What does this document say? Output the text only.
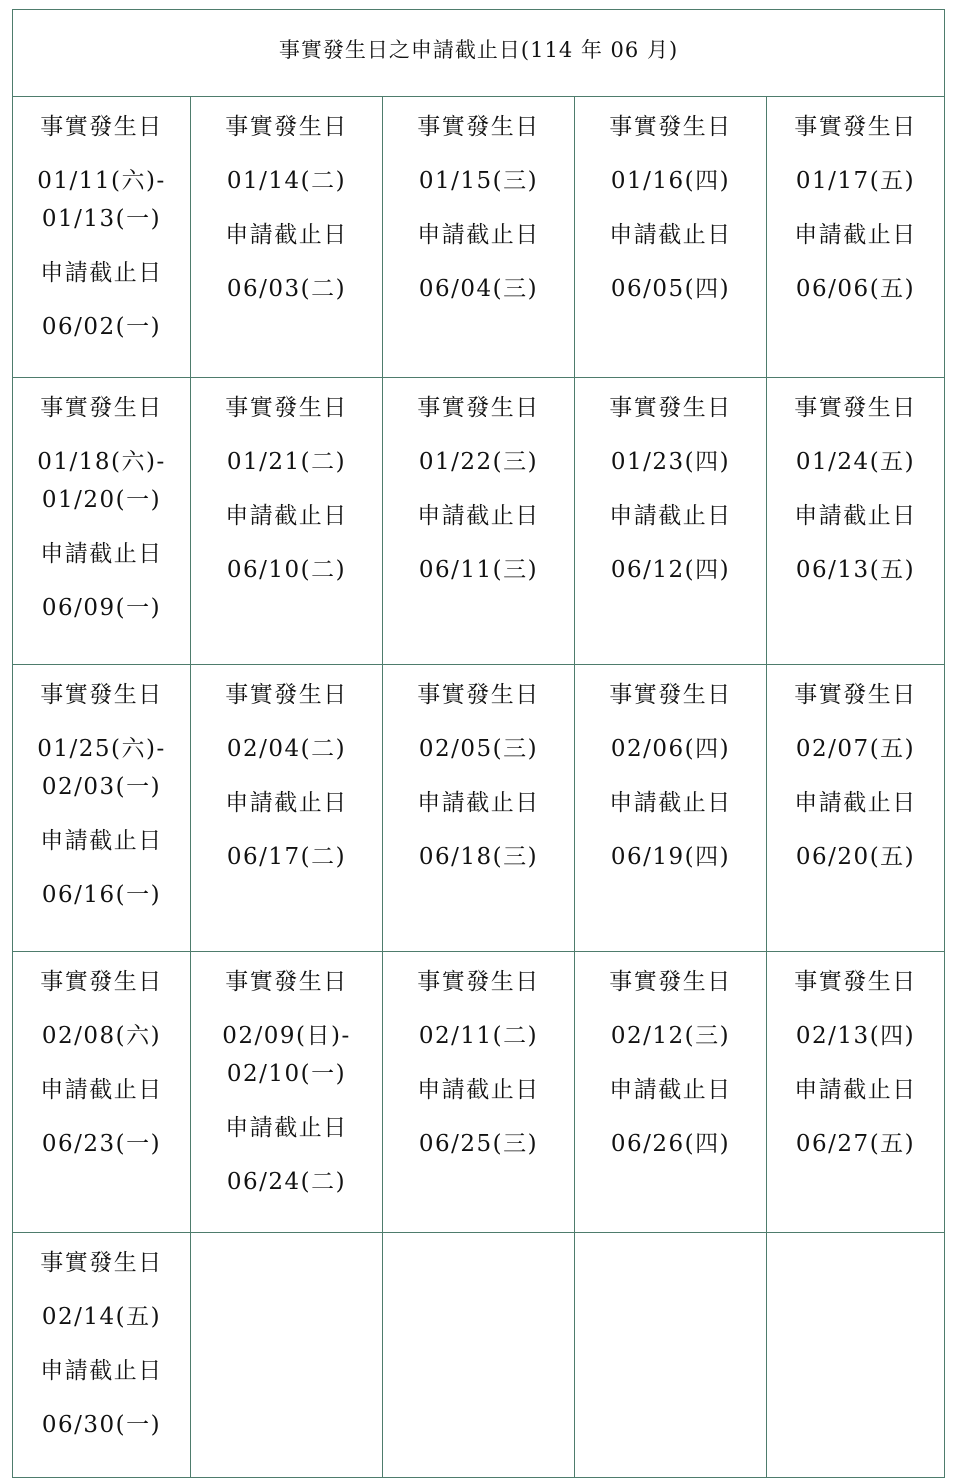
事實發生日之申請截止日(114 年 06 月)				

事實發生日
01/11(六)-
01/13(一)
申請截止日
06/02(一)	事實發生日
01/14(二)
申請截止日
06/03(二)	事實發生日
01/15(三)
申請截止日
06/04(三)	事實發生日
01/16(四)
申請截止日
06/05(四)	事實發生日
01/17(五)
申請截止日
06/06(五)

事實發生日
01/18(六)-
01/20(一)
申請截止日
06/09(一)	事實發生日
01/21(二)
申請截止日
06/10(二)	事實發生日
01/22(三)
申請截止日
06/11(三)	事實發生日
01/23(四)
申請截止日
06/12(四)	事實發生日
01/24(五)
申請截止日
06/13(五)

事實發生日
01/25(六)-
02/03(一)
申請截止日
06/16(一)	事實發生日
02/04(二)
申請截止日
06/17(二)	事實發生日
02/05(三)
申請截止日
06/18(三)	事實發生日
02/06(四)
申請截止日
06/19(四)	事實發生日
02/07(五)
申請截止日
06/20(五)

事實發生日
02/08(六)
申請截止日
06/23(一)	事實發生日
02/09(日)-
02/10(一)
申請截止日
06/24(二)	事實發生日
02/11(二)
申請截止日
06/25(三)	事實發生日
02/12(三)
申請截止日
06/26(四)	事實發生日
02/13(四)
申請截止日
06/27(五)

事實發生日
02/14(五)
申請截止日
06/30(一)				
